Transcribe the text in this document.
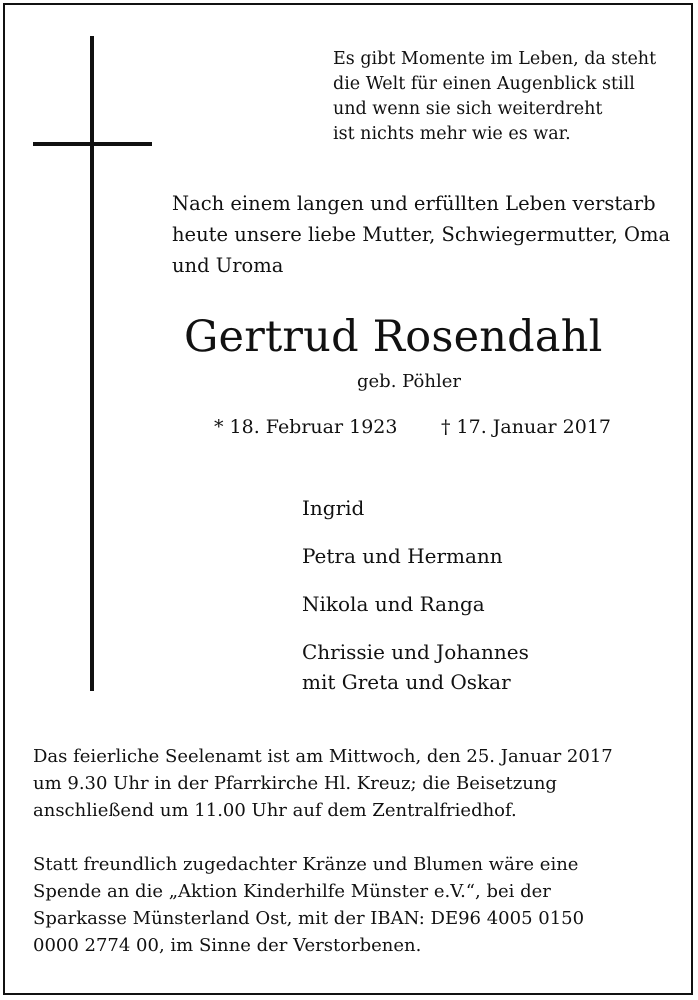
Es gibt Momente im Leben, da steht
die Welt für einen Augenblick still
und wenn sie sich weiterdreht
ist nichts mehr wie es war.
Nach einem langen und erfüllten Leben verstarb
heute unsere liebe Mutter, Schwiegermutter, Oma
und Uroma
Gertrud Rosendahl
geb. Pöhler
* 18. Februar 1923 † 17. Januar 2017
Ingrid
Petra und Hermann
Nikola und Ranga
Chrissie und Johannes
mit Greta und Oskar
Das feierliche Seelenamt ist am Mittwoch, den 25. Januar 2017
um 9.30 Uhr in der Pfarrkirche Hl. Kreuz; die Beisetzung
anschließend um 11.00 Uhr auf dem Zentralfriedhof.
Statt freundlich zugedachter Kränze und Blumen wäre eine
Spende an die „Aktion Kinderhilfe Münster e.V.“, bei der
Sparkasse Münsterland Ost, mit der IBAN: DE96 4005 0150
0000 2774 00, im Sinne der Verstorbenen.
